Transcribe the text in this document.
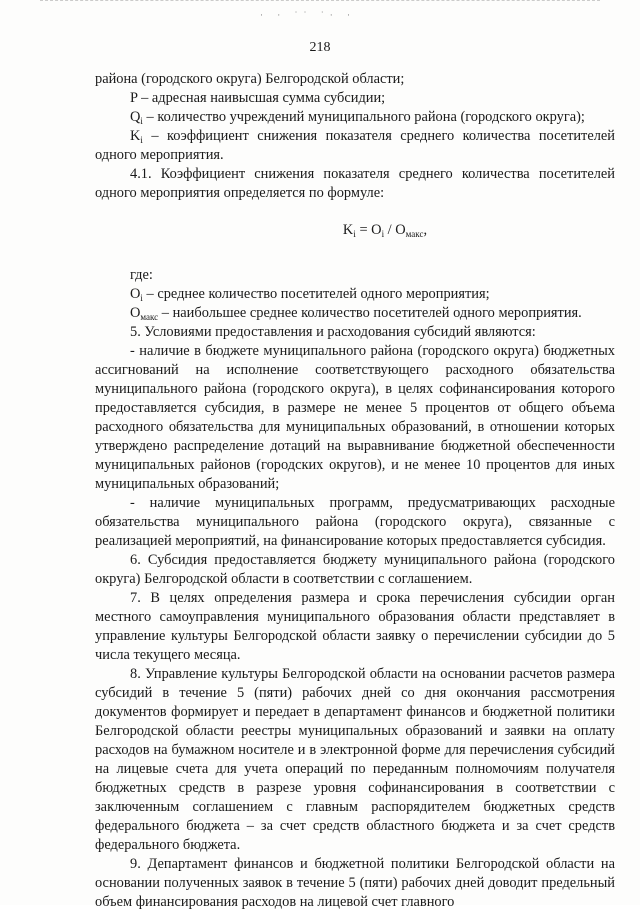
· · ˙˙ ˙· ·
218

района (городского округа) Белгородской области;

P – адресная наивысшая сумма субсидии;

$Q_i$ – количество учреждений муниципального района (городского округа);

$K_i$ – коэффициент снижения показателя среднего количества посетителей одного мероприятия.

4.1. Коэффициент снижения показателя среднего количества посетителей одного мероприятия определяется по формуле:

$K_i = O_i / O_{макс}$,

где:

$O_i$ – среднее количество посетителей одного мероприятия;

$O_{макс}$ – наибольшее среднее количество посетителей одного мероприятия.

5. Условиями предоставления и расходования субсидий являются:

- наличие в бюджете муниципального района (городского округа) бюджетных ассигнований на исполнение соответствующего расходного обязательства муниципального района (городского округа), в целях софинансирования которого предоставляется субсидия, в размере не менее 5 процентов от общего объема расходного обязательства для муниципальных образований, в отношении которых утверждено распределение дотаций на выравнивание бюджетной обеспеченности муниципальных районов (городских округов), и не менее 10 процентов для иных муниципальных образований;

- наличие муниципальных программ, предусматривающих расходные обязательства муниципального района (городского округа), связанные с реализацией мероприятий, на финансирование которых предоставляется субсидия.

6. Субсидия предоставляется бюджету муниципального района (городского округа) Белгородской области в соответствии с соглашением.

7. В целях определения размера и срока перечисления субсидии орган местного самоуправления муниципального образования области представляет в управление культуры Белгородской области заявку о перечислении субсидии до 5 числа текущего месяца.

8. Управление культуры Белгородской области на основании расчетов размера субсидий в течение 5 (пяти) рабочих дней со дня окончания рассмотрения документов формирует и передает в департамент финансов и бюджетной политики Белгородской области реестры муниципальных образований и заявки на оплату расходов на бумажном носителе и в электронной форме для перечисления субсидий на лицевые счета для учета операций по переданным полномочиям получателя бюджетных средств в разрезе уровня софинансирования в соответствии с заключенным соглашением с главным распорядителем бюджетных средств федерального бюджета – за счет средств областного бюджета и за счет средств федерального бюджета.

9. Департамент финансов и бюджетной политики Белгородской области на основании полученных заявок в течение 5 (пяти) рабочих дней доводит предельный объем финансирования расходов на лицевой счет главного
